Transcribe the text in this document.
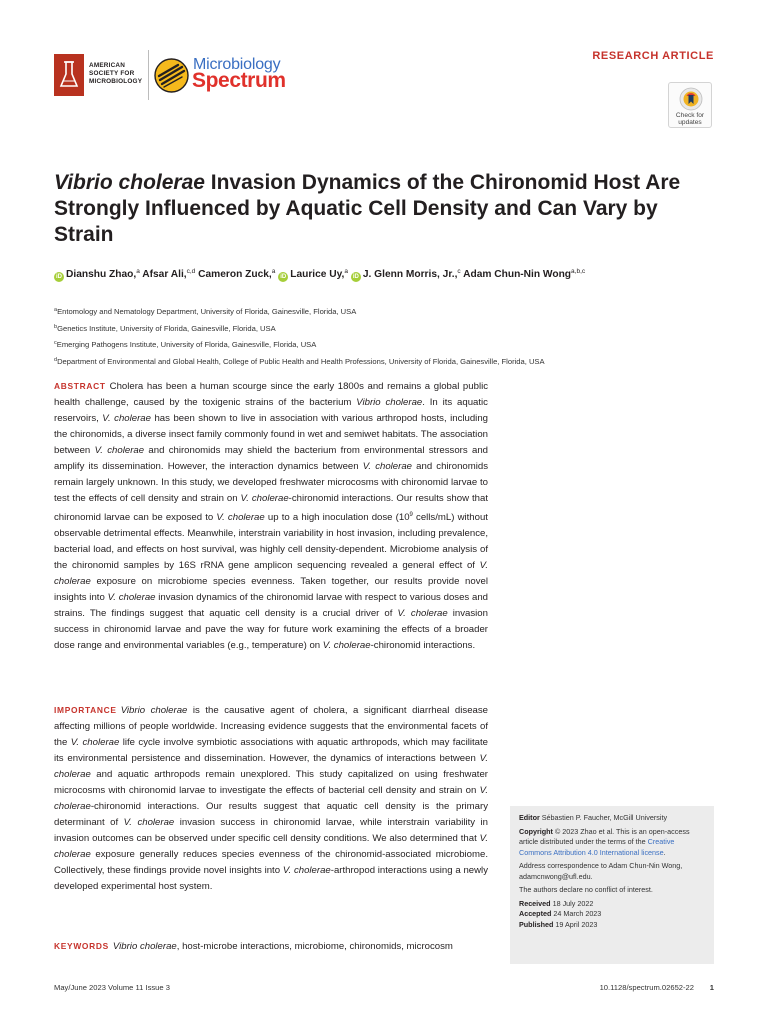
AMERICAN
SOCIETY FOR
MICROBIOLOGY
Microbiology
Spectrum
RESEARCH ARTICLE
Check for updates
Vibrio cholerae Invasion Dynamics of the Chironomid Host Are Strongly Influenced by Aquatic Cell Density and Can Vary by Strain
iD Dianshu Zhao,$^a$ Afsar Ali,$^{c,d}$ Cameron Zuck,$^a$ iD Laurice Uy,$^a$ iD J. Glenn Morris, Jr.,$^c$ Adam Chun-Nin Wong$^{a,b,c}$

$^a$Entomology and Nematology Department, University of Florida, Gainesville, Florida, USA

$^b$Genetics Institute, University of Florida, Gainesville, Florida, USA

$^c$Emerging Pathogens Institute, University of Florida, Gainesville, Florida, USA

$^d$Department of Environmental and Global Health, College of Public Health and Health Professions, University of Florida, Gainesville, Florida, USA

ABSTRACT Cholera has been a human scourge since the early 1800s and remains a global public health challenge, caused by the toxigenic strains of the bacterium Vibrio cholerae. In its aquatic reservoirs, V. cholerae has been shown to live in association with various arthropod hosts, including the chironomids, a diverse insect family commonly found in wet and semiwet habitats. The association between V. cholerae and chironomids may shield the bacterium from environmental stressors and amplify its dissemination. However, the interaction dynamics between V. cholerae and chironomids remain largely unknown. In this study, we developed freshwater microcosms with chironomid larvae to test the effects of cell density and strain on V. cholerae-chironomid interactions. Our results show that chironomid larvae can be exposed to V. cholerae up to a high inoculation dose ($10^9$ cells/mL) without observable detrimental effects. Meanwhile, interstrain variability in host invasion, including prevalence, bacterial load, and effects on host survival, was highly cell density-dependent. Microbiome analysis of the chironomid samples by 16S rRNA gene amplicon sequencing revealed a general effect of V. cholerae exposure on microbiome species evenness. Taken together, our results provide novel insights into V. cholerae invasion dynamics of the chironomid larvae with respect to various doses and strains. The findings suggest that aquatic cell density is a crucial driver of V. cholerae invasion success in chironomid larvae and pave the way for future work examining the effects of a broader dose range and environmental variables (e.g., temperature) on V. cholerae-chironomid interactions.
IMPORTANCE Vibrio cholerae is the causative agent of cholera, a significant diarrheal disease affecting millions of people worldwide. Increasing evidence suggests that the environmental facets of the V. cholerae life cycle involve symbiotic associations with aquatic arthropods, which may facilitate its environmental persistence and dissemination. However, the dynamics of interactions between V. cholerae and aquatic arthropods remain unexplored. This study capitalized on using freshwater microcosms with chironomid larvae to investigate the effects of bacterial cell density and strain on V. cholerae-chironomid interactions. Our results suggest that aquatic cell density is the primary determinant of V. cholerae invasion success in chironomid larvae, while interstrain variability in invasion outcomes can be observed under specific cell density conditions. We also determined that V. cholerae exposure generally reduces species evenness of the chironomid-associated microbiome. Collectively, these findings provide novel insights into V. cholerae-arthropod interactions using a newly developed experimental host system.
KEYWORDS Vibrio cholerae, host-microbe interactions, microbiome, chironomids, microcosm

Editor Sébastien P. Faucher, McGill University

Copyright © 2023 Zhao et al. This is an open-access article distributed under the terms of the Creative Commons Attribution 4.0 International license.

Address correspondence to Adam Chun-Nin Wong, adamcnwong@ufl.edu.

The authors declare no conflict of interest.

Received 18 July 2022
Accepted 24 March 2023
Published 19 April 2023

May/June 2023 Volume 11 Issue 3	10.1128/spectrum.02652-22 1
